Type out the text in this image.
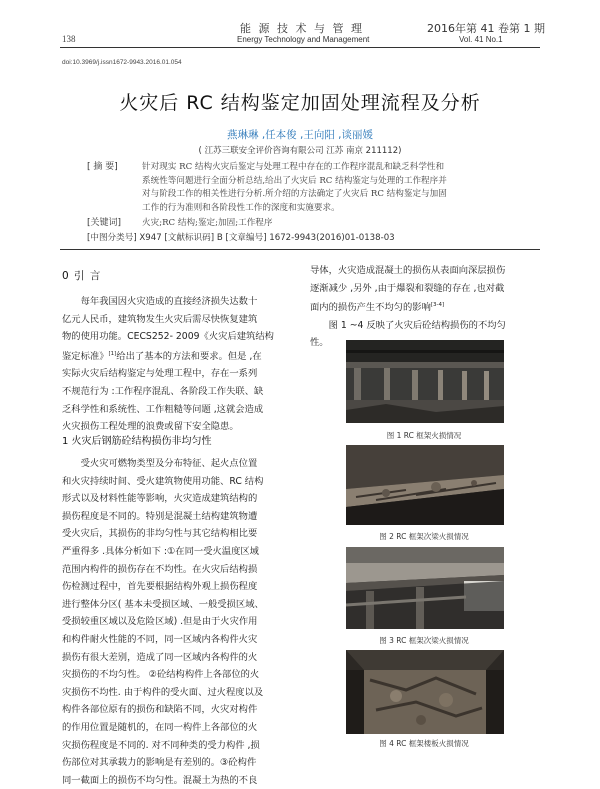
138
能 源 技 术 与 管 理
Energy Technology and Management
2016年第 41 卷第 1 期
Vol. 41 No.1
doi:10.3969/j.issn1672-9943.2016.01.054
火灾后 RC 结构鉴定加固处理流程及分析
燕琳琳 ,任本俊 ,王向阳 ,谈丽媛
( 江苏三联安全评价咨询有限公司 江苏 南京 211112)
[ 摘 要]	针对现实 RC 结构火灾后鉴定与处理工程中存在的工作程序混乱和缺乏科学性和
系统性等问题进行全面分析总结,给出了火灾后 RC 结构鉴定与处理的工作程序并
对与阶段工作的相关性进行分析.所介绍的方法确定了火灾后 RC 结构鉴定与加固
工作的行为准则和各阶段性工作的深度和实施要求。
[关键词] 火灾;RC 结构;鉴定;加固;工作程序
[中图分类号] X947 [文献标识码] B [文章编号] 1672-9943(2016)01-0138-03
0 引 言

每年我国因火灾造成的直接经济损失达数十

亿元人民币，建筑物发生火灾后需尽快恢复建筑

物的使用功能。CECS252- 2009《火灾后建筑结构

鉴定标准》[1]给出了基本的方法和要求。但是 ,在

实际火灾后结构鉴定与处理工程中，存在一系列

不规范行为 :工作程序混乱、各阶段工作失联、缺

乏科学性和系统性、工作粗糙等问题 ,这就会造成

火灾损伤工程处理的浪费或留下安全隐患。

1 火灾后钢筋砼结构损伤非均匀性

受火灾可燃物类型及分布特征、起火点位置

和火灾持续时间、受火建筑物使用功能、RC 结构

形式以及材料性能等影响，火灾造成建筑结构的

损伤程度是不同的。特别是混凝土结构建筑物遭

受火灾后，其损伤的非均匀性与其它结构相比要

严重得多 .具体分析如下 :①在同一受火温度区域

范围内构件的损伤存在不均性。在火灾后结构损

伤检测过程中，首先要根据结构外观上损伤程度

进行整体分区( 基本未受损区域、一般受损区域、

受损较重区域以及危险区域) .但是由于火灾作用

和构件耐火性能的不同，同一区域内各构件火灾

损伤有很大差别，造成了同一区域内各构件的火

灾损伤的不均匀性。 ②砼结构构件上各部位的火

灾损伤不均性. 由于构件的受火面、过火程度以及

构件各部位原有的损伤和缺陷不同，火灾对构件

的作用位置是随机的，在同一构件上各部位的火

灾损伤程度是不同的. 对不同种类的受力构件 ,损

伤部位对其承载力的影响是有差别的。③砼构件

同一截面上的损伤不均匀性。混凝土为热的不良

导体，火灾造成混凝土的损伤从表面向深层损伤

逐渐减少 ,另外 ,由于爆裂和裂缝的存在 ,也对截

面内的损伤产生不均匀的影响[3-4]

图 1 ~4 反映了火灾后砼结构损伤的不均匀

性。

图 1 RC 框架火损情况
图 2 RC 框架次梁火损情况
图 3 RC 框架次梁火损情况
图 4 RC 框架楼板火损情况
